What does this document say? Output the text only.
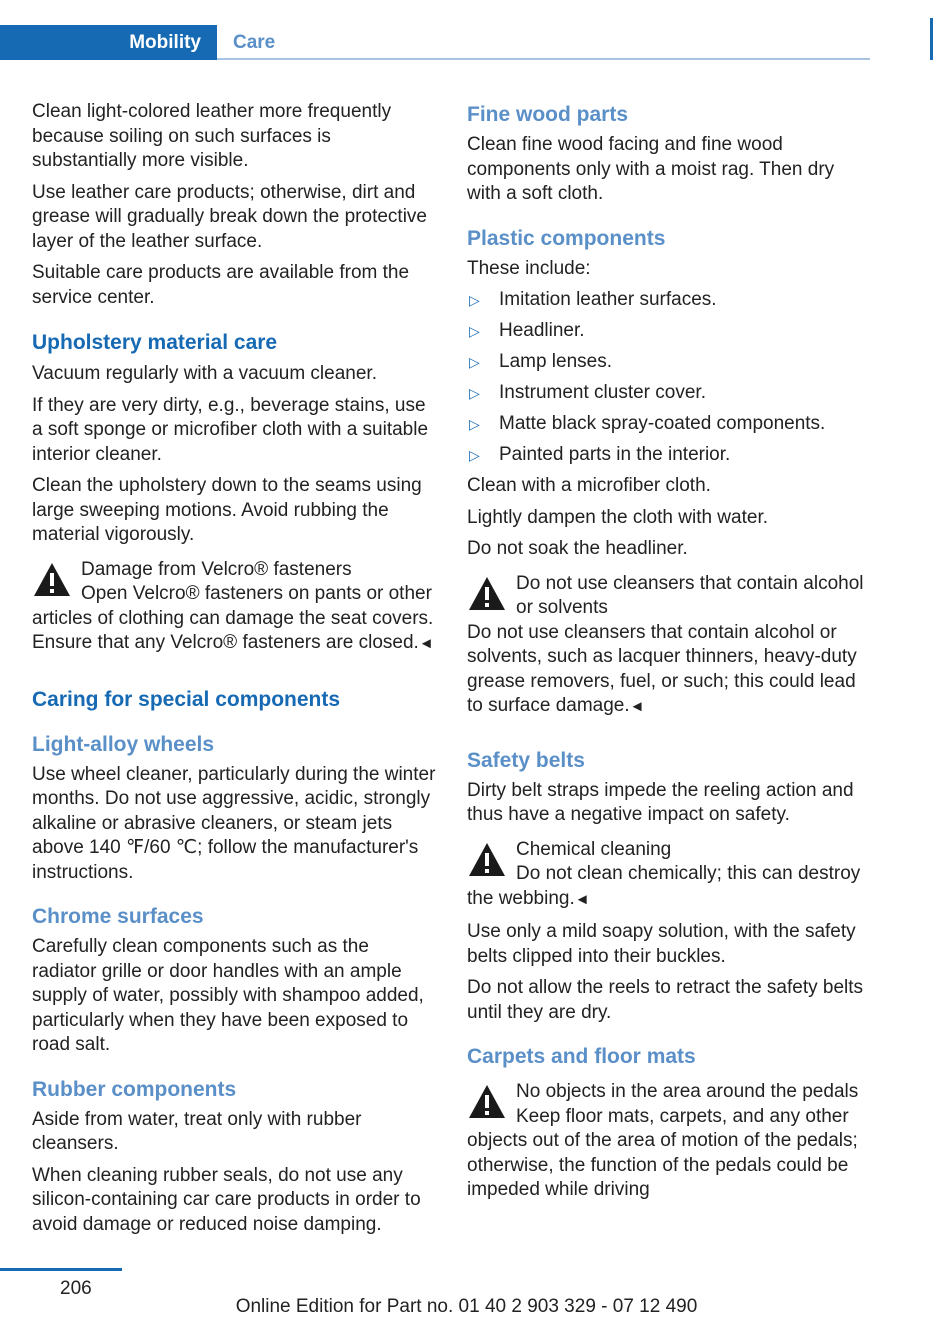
Mobility	Care

Clean light-colored leather more frequently because soiling on such surfaces is substantially more visible.

Use leather care products; otherwise, dirt and grease will gradually break down the protective layer of the leather surface.

Suitable care products are available from the service center.

Upholstery material care

Vacuum regularly with a vacuum cleaner.

If they are very dirty, e.g., beverage stains, use a soft sponge or microfiber cloth with a suitable interior cleaner.

Clean the upholstery down to the seams using large sweeping motions. Avoid rubbing the material vigorously.

Damage from Velcro® fasteners
Open Velcro® fasteners on pants or other articles of clothing can damage the seat covers. Ensure that any Velcro® fasteners are closed.◄
Caring for special components
Light-alloy wheels

Use wheel cleaner, particularly during the winter months. Do not use aggressive, acidic, strongly alkaline or abrasive cleaners, or steam jets above 140 ℉/60 ℃; follow the manufacturer's instructions.

Chrome surfaces

Carefully clean components such as the radiator grille or door handles with an ample supply of water, possibly with shampoo added, particularly when they have been exposed to road salt.

Rubber components

Aside from water, treat only with rubber cleansers.

When cleaning rubber seals, do not use any silicon-containing car care products in order to avoid damage or reduced noise damping.

Fine wood parts

Clean fine wood facing and fine wood components only with a moist rag. Then dry with a soft cloth.

Plastic components

These include:

▷ Imitation leather surfaces.
▷ Headliner.
▷ Lamp lenses.
▷ Instrument cluster cover.
▷ Matte black spray-coated components.
▷ Painted parts in the interior.

Clean with a microfiber cloth.

Lightly dampen the cloth with water.

Do not soak the headliner.

Do not use cleansers that contain alcohol or solvents
Do not use cleansers that contain alcohol or solvents, such as lacquer thinners, heavy-duty grease removers, fuel, or such; this could lead to surface damage.◄
Safety belts

Dirty belt straps impede the reeling action and thus have a negative impact on safety.

Chemical cleaning
Do not clean chemically; this can destroy the webbing.◄

Use only a mild soapy solution, with the safety belts clipped into their buckles.

Do not allow the reels to retract the safety belts until they are dry.

Carpets and floor mats
No objects in the area around the pedals
Keep floor mats, carpets, and any other objects out of the area of motion of the pedals; otherwise, the function of the pedals could be impeded while driving
206
Online Edition for Part no. 01 40 2 903 329 - 07 12 490
